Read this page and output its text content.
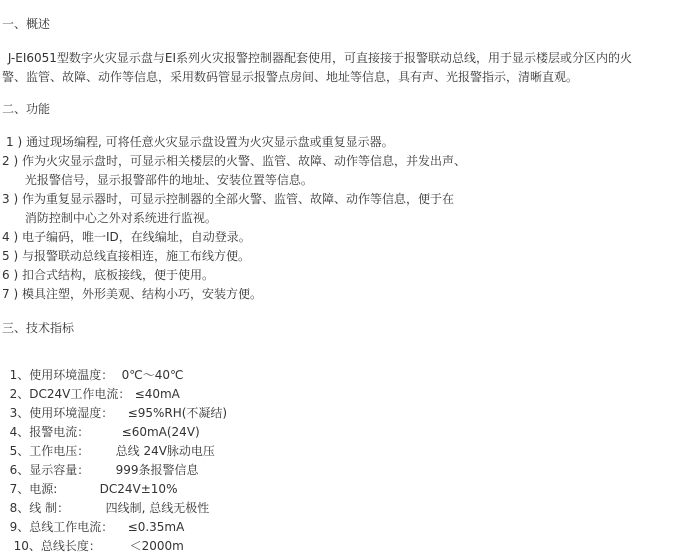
一、概述
J-EI6051型数字火灾显示盘与EI系列火灾报警控制器配套使用，可直接接于报警联动总线，用于显示楼层或分区内的火
警、监管、故障、动作等信息，采用数码管显示报警点房间、地址等信息，具有声、光报警指示，清晰直观。
二、功能
1 ) 通过现场编程, 可将任意火灾显示盘设置为火灾显示盘或重复显示器。
2 ) 作为火灾显示盘时，可显示相关楼层的火警、监管、故障、动作等信息，并发出声、
光报警信号，显示报警部件的地址、安装位置等信息。
3 ) 作为重复显示器时，可显示控制器的全部火警、监管、故障、动作等信息，便于在
消防控制中心之外对系统进行监视。
4 ) 电子编码，唯一ID，在线编址，自动登录。
5 ) 与报警联动总线直接相连，施工布线方便。
6 ) 扣合式结构，底板接线，便于使用。
7 ) 模具注塑，外形美观、结构小巧，安装方便。
三、技术指标

1、使用环境温度： 0℃～40℃

2、DC24V工作电流： ≤40mA

3、使用环境湿度： ≤95%RH(不凝结)

4、报警电流：	≤60mA(24V)

5、工作电压： 总线 24V脉动电压

6、显示容量： 999条报警信息

7、电源:	DC24V±10%

8、线 制：	四线制, 总线无极性

9、总线工作电流： ≤0.35mA

10、总线长度： ＜2000m
